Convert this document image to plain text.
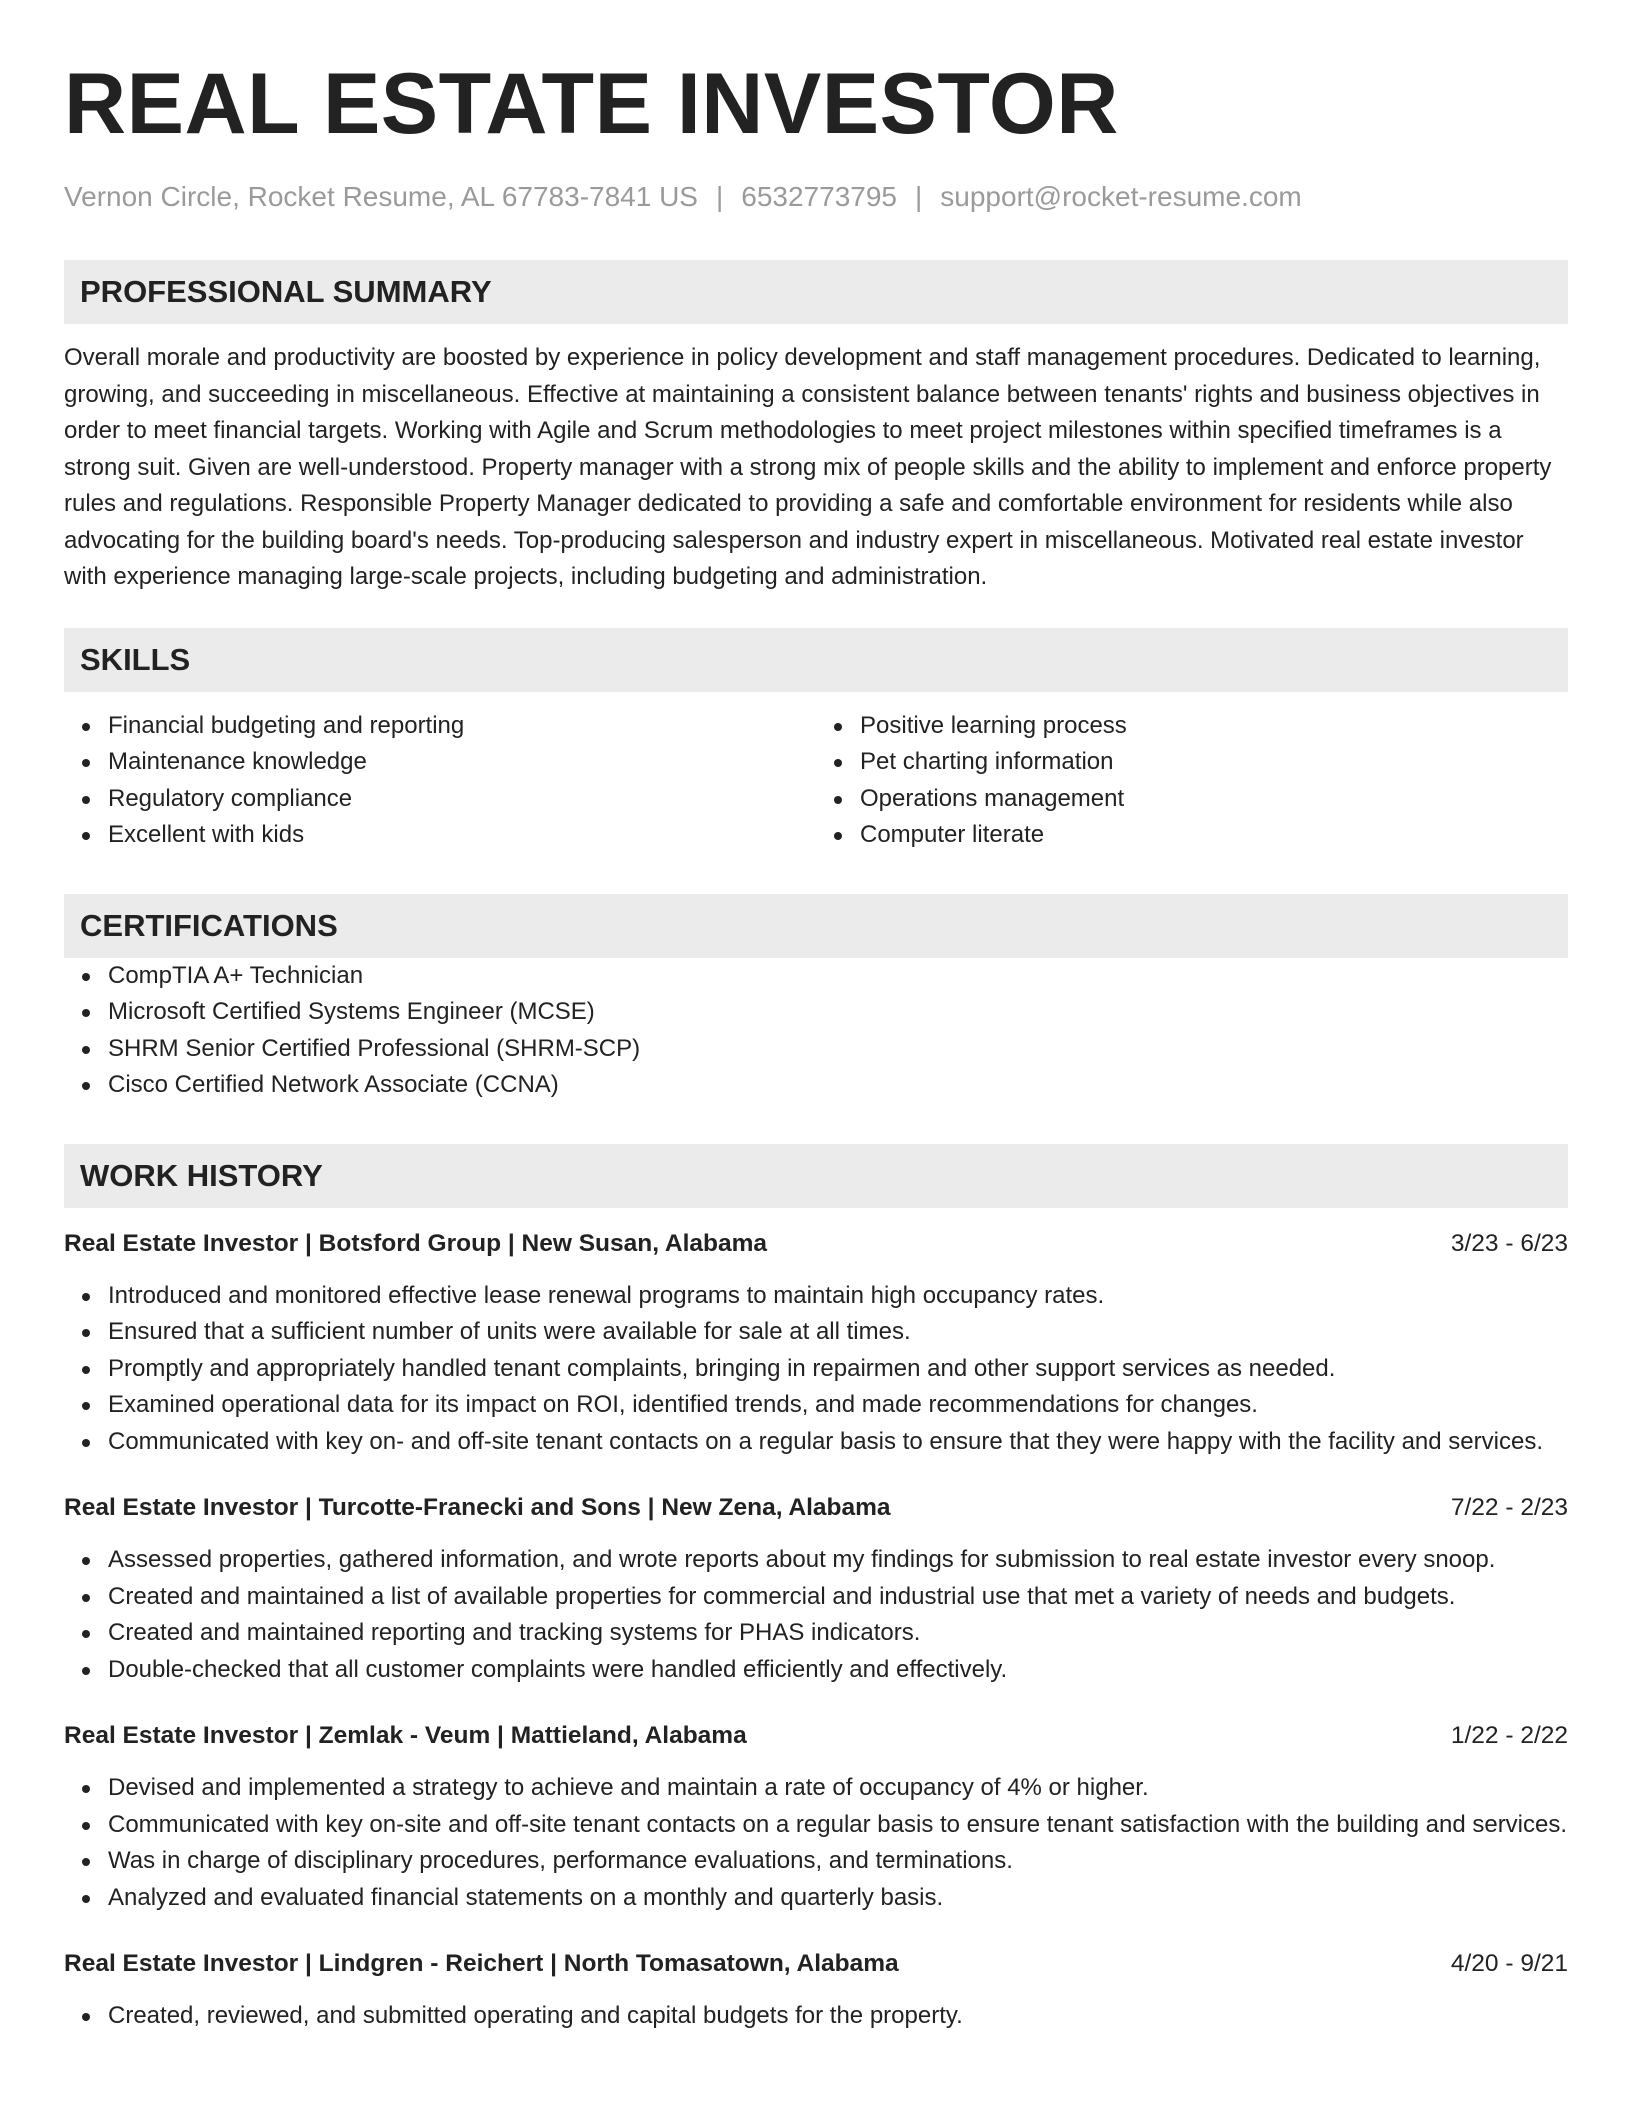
REAL ESTATE INVESTOR
Vernon Circle, Rocket Resume, AL 67783-7841 US | 6532773795 | support@rocket-resume.com
PROFESSIONAL SUMMARY
Overall morale and productivity are boosted by experience in policy development and staff management procedures. Dedicated to learning, growing, and succeeding in miscellaneous. Effective at maintaining a consistent balance between tenants' rights and business objectives in order to meet financial targets. Working with Agile and Scrum methodologies to meet project milestones within specified timeframes is a strong suit. Given are well-understood. Property manager with a strong mix of people skills and the ability to implement and enforce property rules and regulations. Responsible Property Manager dedicated to providing a safe and comfortable environment for residents while also advocating for the building board's needs. Top-producing salesperson and industry expert in miscellaneous. Motivated real estate investor with experience managing large-scale projects, including budgeting and administration.
SKILLS
Financial budgeting and reporting
Maintenance knowledge
Regulatory compliance
Excellent with kids
Positive learning process
Pet charting information
Operations management
Computer literate
CERTIFICATIONS
CompTIA A+ Technician
Microsoft Certified Systems Engineer (MCSE)
SHRM Senior Certified Professional (SHRM-SCP)
Cisco Certified Network Associate (CCNA)
WORK HISTORY
Real Estate Investor | Botsford Group | New Susan, Alabama	3/23 - 6/23
Introduced and monitored effective lease renewal programs to maintain high occupancy rates.
Ensured that a sufficient number of units were available for sale at all times.
Promptly and appropriately handled tenant complaints, bringing in repairmen and other support services as needed.
Examined operational data for its impact on ROI, identified trends, and made recommendations for changes.
Communicated with key on- and off-site tenant contacts on a regular basis to ensure that they were happy with the facility and services.
Real Estate Investor | Turcotte-Franecki and Sons | New Zena, Alabama	7/22 - 2/23
Assessed properties, gathered information, and wrote reports about my findings for submission to real estate investor every snoop.
Created and maintained a list of available properties for commercial and industrial use that met a variety of needs and budgets.
Created and maintained reporting and tracking systems for PHAS indicators.
Double-checked that all customer complaints were handled efficiently and effectively.
Real Estate Investor | Zemlak - Veum | Mattieland, Alabama	1/22 - 2/22
Devised and implemented a strategy to achieve and maintain a rate of occupancy of 4% or higher.
Communicated with key on-site and off-site tenant contacts on a regular basis to ensure tenant satisfaction with the building and services.
Was in charge of disciplinary procedures, performance evaluations, and terminations.
Analyzed and evaluated financial statements on a monthly and quarterly basis.
Real Estate Investor | Lindgren - Reichert | North Tomasatown, Alabama	4/20 - 9/21
Created, reviewed, and submitted operating and capital budgets for the property.
